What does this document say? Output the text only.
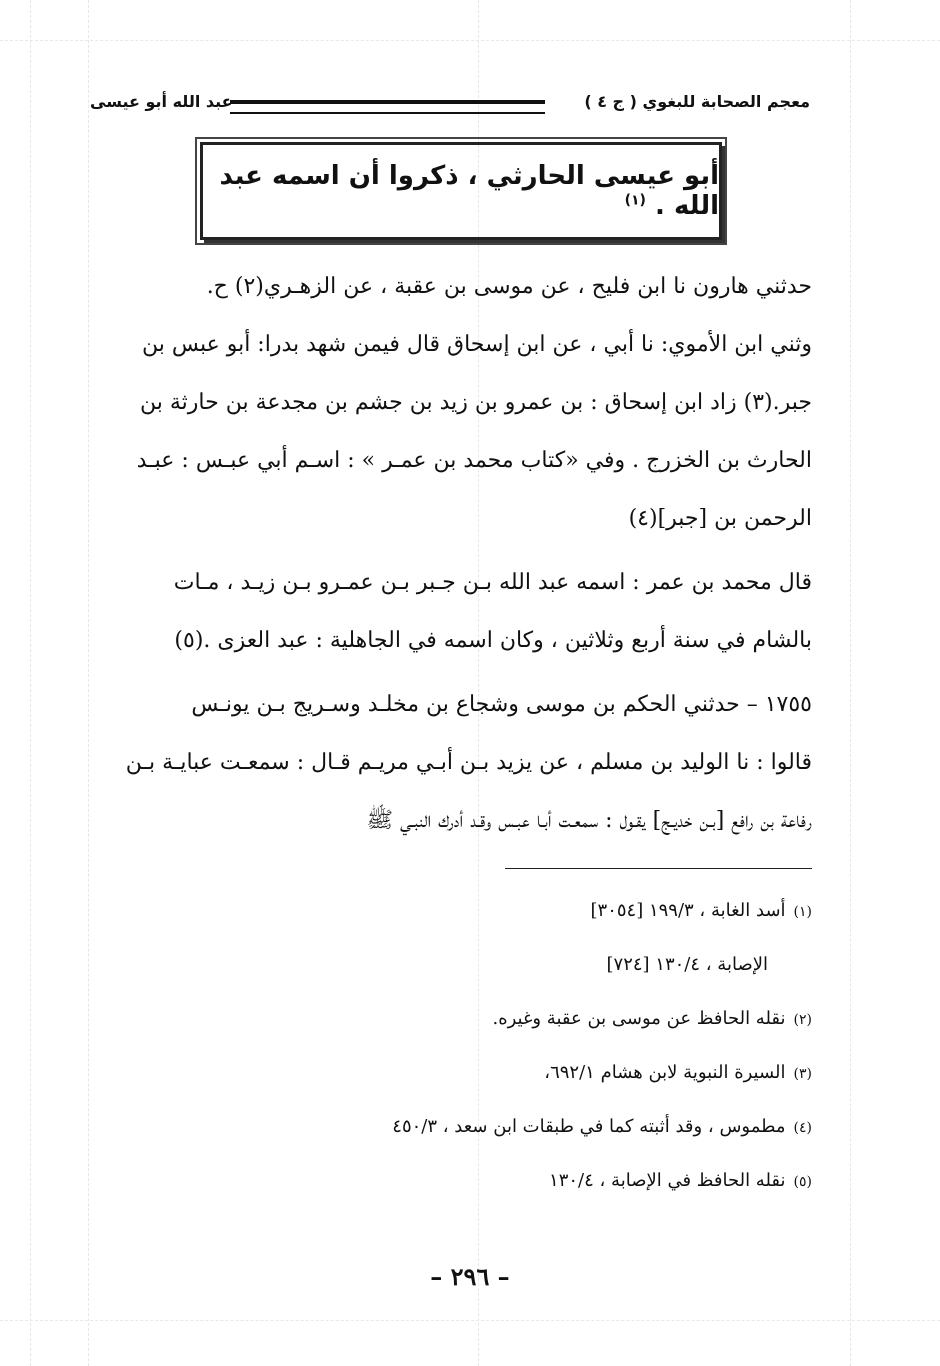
عبد الله أبو عيسى	معجم الصحابة للبغوي ( ج ٤ )
أبو عيسى الحارثي ، ذكروا أن اسمه عبد الله . $^{(١)}$
حدثني هارون نا ابن فليح ، عن موسى بن عقبة ، عن الزهـري(٢) ح.
وثني ابن الأموي: نا أبي ، عن ابن إسحاق قال فيمن شهد بدرا: أبو عبس بن
جبر.(٣) زاد ابن إسحاق : بن عمرو بن زيد بن جشم بن مجدعة بن حارثة بن
الحارث بن الخزرج . وفي «كتاب محمد بن عمـر » : اسـم أبي عبـس : عبـد
الرحمن بن [جبر](٤)
قال محمد بن عمر : اسمه عبد الله بـن جـبر بـن عمـرو بـن زيـد ، مـات
بالشام في سنة أربع وثلاثين ، وكان اسمه في الجاهلية : عبد العزى .(٥)
١٧٥٥ – حدثني الحكم بن موسى وشجاع بن مخلـد وسـريج بـن يونـس
قالوا : نا الوليد بن مسلم ، عن يزيد بـن أبـي مريـم قـال : سمعـت عبايـة بـن
رفاعة بن رافع [بـن خديـج] يقـول : سمعـت أبـا عبـس وقـد أدرك النبـي ﷺ
(١)أسد الغابة ، ١٩٩/٣ [٣٠٥٤]
الإصابة ، ١٣٠/٤ [٧٢٤]
(٢)نقله الحافظ عن موسى بن عقبة وغيره.
(٣)السيرة النبوية لابن هشام ٦٩٢/١،
(٤)مطموس ، وقد أثبته كما في طبقات ابن سعد ، ٤٥٠/٣
(٥)نقله الحافظ في الإصابة ، ١٣٠/٤
– ٢٩٦ –
